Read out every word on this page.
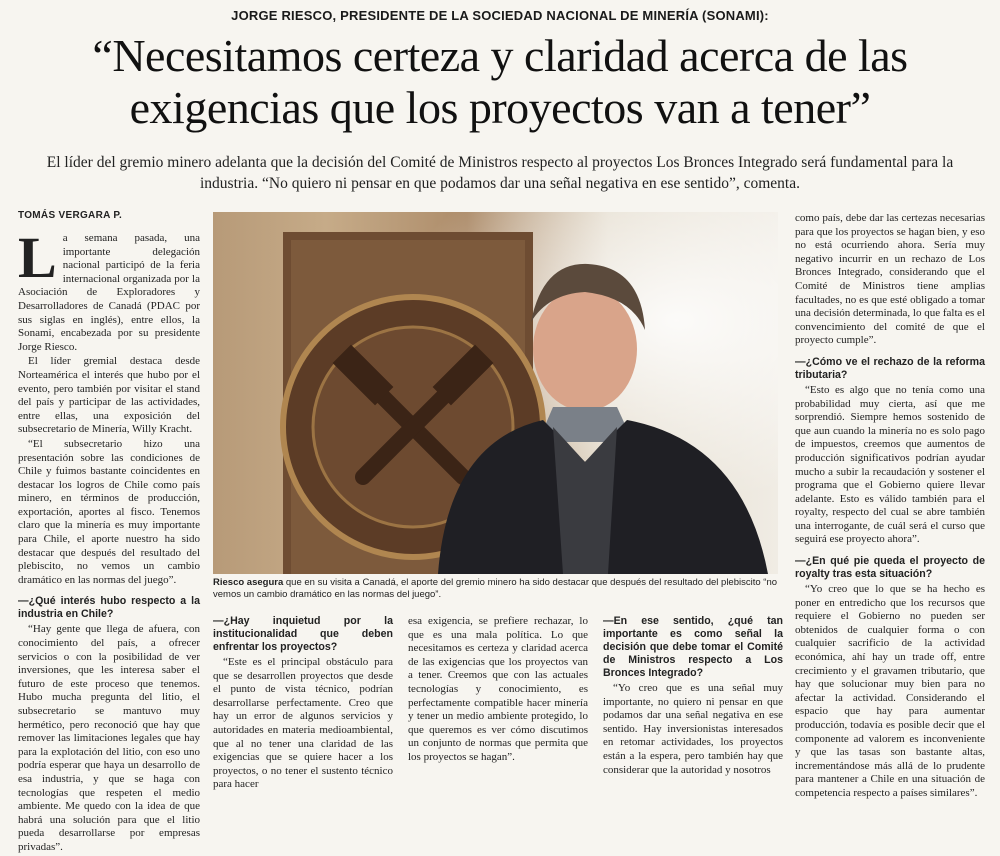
JORGE RIESCO, PRESIDENTE DE LA SOCIEDAD NACIONAL DE MINERÍA (SONAMI):
“Necesitamos certeza y claridad acerca de las
exigencias que los proyectos van a tener”
El líder del gremio minero adelanta que la decisión del Comité de Ministros respecto al proyectos Los Bronces Integrado será fundamental para la industria. “No quiero ni pensar en que podamos dar una señal negativa en ese sentido”, comenta.
TOMÁS VERGARA P.

La semana pasada, una importante delegación nacional participó de la feria internacional organizada por la Asociación de Exploradores y Desarrolladores de Canadá (PDAC por sus siglas en inglés), entre ellos, la Sonami, encabezada por su presidente Jorge Riesco.

El líder gremial destaca desde Norteamérica el interés que hubo por el evento, pero también por visitar el stand del país y participar de las actividades, entre ellas, una exposición del subsecretario de Minería, Willy Kracht.

“El subsecretario hizo una presentación sobre las condiciones de Chile y fuimos bastante coincidentes en destacar los logros de Chile como país minero, en términos de producción, exportación, aportes al fisco. Tenemos claro que la minería es muy importante para Chile, el aporte nuestro ha sido destacar que después del resultado del plebiscito, no vemos un cambio dramático en las normas del juego”.

—¿Qué interés hubo respecto a la industria en Chile?

“Hay gente que llega de afuera, con conocimiento del país, a ofrecer servicios o con la posibilidad de ver inversiones, que les interesa saber el futuro de este proceso que tenemos. Hubo mucha pregunta del litio, el subsecretario se mantuvo muy hermético, pero reconoció que hay que remover las limitaciones legales que hay para la explotación del litio, con eso uno podría esperar que haya un desarrollo de esa industria, y que se haga con tecnologías que respeten el medio ambiente. Me quedo con la idea de que habrá una solución para que el litio pueda desarrollarse por empresas privadas”.

Riesco asegura que en su visita a Canadá, el aporte del gremio minero ha sido destacar que después del resultado del plebiscito “no vemos un cambio dramático en las normas del juego”.

—¿Hay inquietud por la institucionalidad que deben enfrentar los proyectos?

“Este es el principal obstáculo para que se desarrollen proyectos que desde el punto de vista técnico, podrían desarrollarse perfectamente. Creo que hay un error de algunos servicios y autoridades en materia medioambiental, que al no tener una claridad de las exigencias que se quiere hacer a los proyectos, o no tener el sustento técnico para hacer

esa exigencia, se prefiere rechazar, lo que es una mala política. Lo que necesitamos es certeza y claridad acerca de las exigencias que los proyectos van a tener. Creemos que con las actuales tecnologías y conocimiento, es perfectamente compatible hacer minería y tener un medio ambiente protegido, lo que queremos es ver cómo discutimos un conjunto de normas que permita que los proyectos se hagan”.

—En ese sentido, ¿qué tan importante es como señal la decisión que debe tomar el Comité de Ministros respecto a Los Bronces Integrado?

“Yo creo que es una señal muy importante, no quiero ni pensar en que podamos dar una señal negativa en ese sentido. Hay inversionistas interesados en retomar actividades, los proyectos están a la espera, pero también hay que considerar que la autoridad y nosotros

como país, debe dar las certezas necesarias para que los proyectos se hagan bien, y eso no está ocurriendo ahora. Sería muy negativo incurrir en un rechazo de Los Bronces Integrado, considerando que el Comité de Ministros tiene amplias facultades, no es que esté obligado a tomar una decisión determinada, lo que falta es el convencimiento del comité de que el proyecto cumple”.

—¿Cómo ve el rechazo de la reforma tributaria?

“Esto es algo que no tenía como una probabilidad muy cierta, así que me sorprendió. Siempre hemos sostenido de que aun cuando la minería no es solo pago de impuestos, creemos que aumentos de producción significativos podrían ayudar mucho a subir la recaudación y sostener el programa que el Gobierno quiere llevar adelante. Esto es válido también para el royalty, respecto del cual se abre también una interrogante, de cuál será el curso que seguirá ese proyecto ahora”.

—¿En qué pie queda el proyecto de royalty tras esta situación?

“Yo creo que lo que se ha hecho es poner en entredicho que los recursos que requiere el Gobierno no pueden ser obtenidos de cualquier forma o con cualquier sacrificio de la actividad económica, ahí hay un trade off, entre crecimiento y el gravamen tributario, que hay que solucionar muy bien para no afectar la actividad. Considerando el espacio que hay para aumentar producción, todavía es posible decir que el componente ad valorem es inconveniente y que las tasas son bastante altas, incrementándose más allá de lo prudente para mantener a Chile en una situación de competencia respecto a países similares”.
